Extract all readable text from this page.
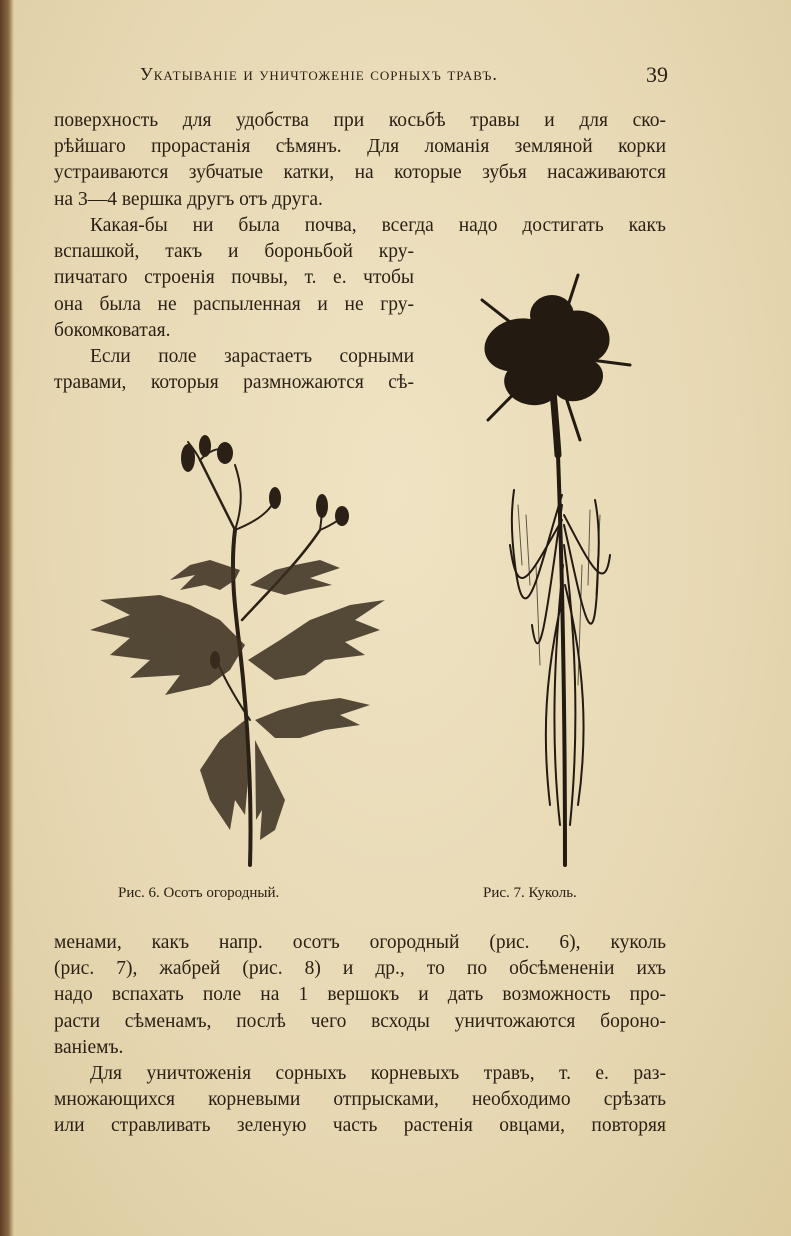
Укатываніе и уничтоженіе сорныхъ травъ.	39
поверхность для удобства при косьбѣ травы и для ско-
рѣйшаго прорастанія сѣмянъ. Для ломанія земляной корки
устраиваются зубчатые катки, на которые зубья насаживаются
на 3—4 вершка другъ отъ друга.
Какая-бы ни была почва, всегда надо достигать какъ
вспашкой, такъ и бороньбой кру-
пичатаго строенія почвы, т. е. чтобы
она была не распыленная и не гру-
бокомковатая.
Если поле зарастаетъ сорными
травами, которыя размножаются сѣ-
Рис. 6. Осотъ огородный.	Рис. 7. Куколь.
менами, какъ напр. осотъ огородный (рис. 6), куколь
(рис. 7), жабрей (рис. 8) и др., то по обсѣмененіи ихъ
надо вспахать поле на 1 вершокъ и дать возможность про-
расти сѣменамъ, послѣ чего всходы уничтожаются бороно-
ваніемъ.
Для уничтоженія сорныхъ корневыхъ травъ, т. е. раз-
множающихся корневыми отпрысками, необходимо срѣзать
или стравливать зеленую часть растенія овцами, повторяя
